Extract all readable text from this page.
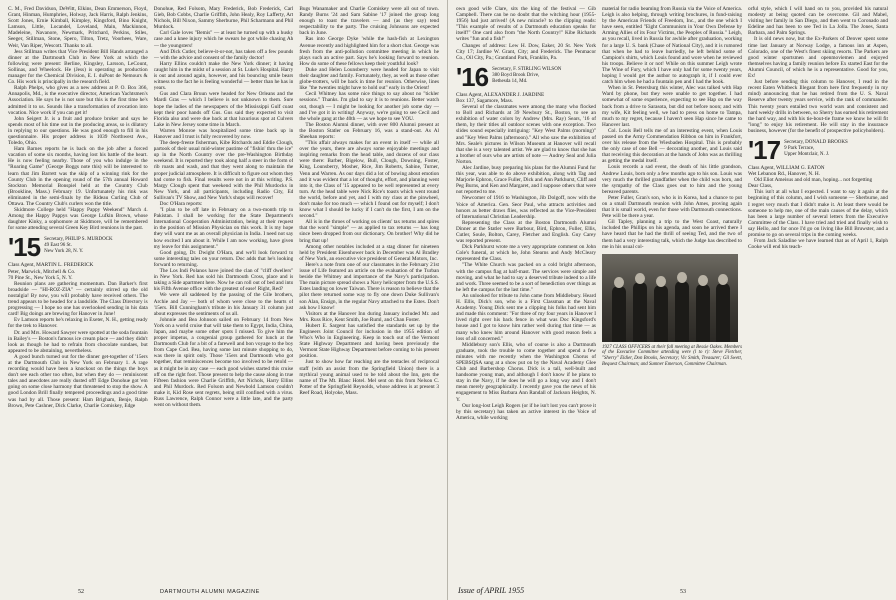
C. M., Fred Davidson, DeWitt, Elkins, Dean Emmerson, Floyd, Grant, Hinman, Humphries, Holway, Jack Harris, Ralph Jenkins, Scott Jones, Ernie Kimball, Kimpley, Kingsford, Bino Knight, Lamson, Little, Locandel, Loveland, Main, Mackinnon, Madeleine, Navanore, Newmark, Pritchard, Perkins, Stiles, Seeger, Stillman, Stone, Spero, Tilton, Tretz, Voorhees, Ware, Weir, Van Riper, Wescott. Thanks to all.

Jess Stillman writes that Vice President Bill Hands arranged a dinner at the Dartmouth Club in New York at which the following were present: Berline, Kingsley, Larsson, LeCount, Sollinas, and Wheelock. He (Jess) is operating as production manager for the Chemical Division, E. I. duPont de Nemours & Co. His work is principally in the research field.

Ralph Phelps, who gives as a new address at P. O. Box 366, Annapolis, Md., is the executive director, American Yachtsmen's Association. He says he is not sure but this is the first time he's admitted it to us. Sounds like a transformation of avocation into vocation. Nice work if you can get it!

John Seigert Jr. is a fruit and produce broker and says he spends most of his time out in the producing areas, so is dilatory in replying to our questions. He was good enough to fill in his questionnaire. His proper address is 1039 Northwest Ave., Toledo, Ohio.

Ham Barnes reports he is back on the job after a forced vacation of some six months, having lost his battle of the heart. He is now feeling nearby. Those of you who indulge in the "Roaring Game" (George Boggs note this) will be interested to learn that Jim Barrett was the skip of a winning rink for the County Club in the opening round of the 57th annual Howard Stockton Memorial Bonspiel held at the Country Club (Brookline, Mass.) February 19. Unfortunately his rink was eliminated in the semi-finals by the Rideau Curling Club of Ottawa. The Country Club's curlers won the title.

Skidmore College held "Happy Pappy Weekend" March 4. Among the Happy Pappys was George Lufkin Brown, whose daughter Kinky, a sophomore at Skidmore, will be remembered for some attending several Green Key Bird reunions in the past.

'15 Secretary, PHILIP S. MURDOCK
49 East 96 St.
New York 28, N. Y.

Class Agent, MARTIN L. FREDERICK

Peter, Marwick, Mitchell & Co.

70 Pine St., New York 5, N. Y.

Reunion plans are gathering momentum. Dan Barker's first broadside — "HI-ROZ-ZIA" — certainly stirred up the old nostalgia! By now, you will probably have received others. The trend appears to be headed for a landslide. The Class Directory is progressing — I hope no one has overlooked sending in his data card! Big doings are brewing for Hanover in June!

Ev Lamson reports he's relaxing in Exeter, N. H., getting ready for the trek to Hanover.

Dr. and Mrs. Howard Sawyer were spotted at the soda fountain in Bailey's — Boston's famous ice cream place — and they didn't look as though he had to refrain from chocolate sundaes, but appeared to be abstaining, nevertheless.

A good bunch turned out for the dinner get-together of '15ers at the Dartmouth Club in New York on February 1. A rage recording would have been a knockout on the things the boys don't see each other too often, but when they do — reminiscent tales and anecdotes are really dusted off! Edge Donohue got 'em going on some close harmony that threatened to stop the show. A good London Brill finally tempered proceedings and a good time was had by all. Those present: Ham Brigham, Benje, Ralph Brown, Pete Cashner, Dick Clarke, Charlie Comiskey, Edge

Donohue, Red Folsom, Mary Frederick, Bob Frederick, Carl Gieb, Bob Cobbs, Charlie Griffith, John Healy, Roy Lafferty, Art Nichols, Bill Nixon, Sammy Sherburne, Phil Scharmann and Phil Murdock.

Carl Gale loves "Bemis" — at least he turned up with a husky case and a knee injury which he swears he got while chasing Ah — the youngsters!

And Dick Cutler, believe-it-or-not, has taken off a few pounds — with the advice and consent of the family doctor!

Harry Ellins couldn't make the New York dinner; it having caught him in the midst of a session at St. Luke's Hospital. Harry is out and around again, however, and his bouncing smile bears witness to the fact he is feeling wonderful — better than he has in years.

Gus and Clara Bruun were headed for New Orleans and the Mardi Gras — which I believe is not unknown to them. Sure hope the ladies of the newspapers of the Mississippi Gulf coast kept their poor hands off Gus. Gus said they expected to visit Florida also and were due back at that luxurious spot at Culvers Lake in New Jersey some time in March.

Warren Monroe was hospitalized some time back up in Hanover and I trust is fully recovered by now.

The deep-freeze fisherman, Kibe Ritchards and Eddie Clough, partook of their usual mid-winter pastime of "fishin' thru the ice" up in the North Country over the pre-Washington Birthday weekend. It is reported they took along half a steer in the form of rib roasts and wash, and that they went along to maintain the proper judicial atmosphere. It is difficult to figure out whom they had come to fish. Final results were not in at this writing. P.S. Margy Clough spent that weekend with the Phil Murdocks in New York, and all participants, including Radio City, Ed Sullivan's TV Show, and New York's shops will recover!

Doc O'Hara reports:

"I plan to be off late in February on a two-month trip to Pakistan. I shall be working for the State Department's International Cooperation Administration, being at their request in the position of Mission Physician on this work. It is my hope they will want me as an overall physician in India. I need not say how excited I am about it. While I am now working, have given my leave for this assignment."

Good going, Dr. Dwight O'Hara, and we'll look forward to some interesting tales on your return. Doc adds that he's looking forward to returning.

The Los Indi Polanos have joined the clan of "cliff dwellers" in New York. Red has sold his Dartmouth Cross, place and is taking a Side apartment here. Now he can roll out of bed and into his Fifth Avenue office with the greatest of ease! Right, Red?

We were all saddened by the passing of the Gile brothers, Archie and Jay — both of whom were close to the hearts of '15ers. Bill Cunningham's tribute in his January 31 column just about expresses the sentiments of us all.

Johnnie and Bea Johnson sailed on February 14 from New York on a world cruise that will take them to Egypt, India, China, Japan, and maybe some other spots I missed. To give him the proper impetus, a congenial group gathered for lunch at the Dartmouth Club for a bit of a farewell and bon voyage to the boy from Cape Cod. Bea, having some last minute shopping to do, was there in spirit only. Those '15ers and Dartmouth who got together, that reminiscences become too involved to be retold — as it might be in any case — each good wishes started this cruise off on the right foot. Those present to help the cause along in true Fifteen fashion were Charlie Griffith, Art Nichols, Harry Ellins and Phil Murdock. Red Folsom and Newbold Lamson couldn't make it, Kid Rose sent regrets, being still confined with a virus. Russ Lawrence, Ralph Connor were a little late, and the party went on without them.

Bugs Wanamaker and Charlie Comiskey were all out of town. Randy Burns '24 and Sam Sabine '17 joined the group long enough to toast the travelers — and (as they say) tend respectability to the party. The cruising Johnsons are expected back in June.

Ras into George Dyke 'while the hash-fish at Lexington Avenue recently and highlighted him for a short chat. George was fresh from the anti-pollution committee meeting in which he plays such an active part. Says he's looking forward to reunion. How do some of these fellows keep their youthful look?

Duke and Helen Lounsberry were headed for Japan to visit their daughter and family. Fortunately, they, as well as those other globe-trotters, will be back in time for reunion. Otherwise, lines like "the twenties might have to hold out" early in the Orient!

Cecil Whitney has some nice things to say about no "tickler sessions." Thanks. I'm glad to say it is to reunions. Better watch out, though — I might be looking for another job some day — and I've got it in writing! Anyway, we're going to see Cecil and the whole gang at the 40th — as we hope to see YOU.

The Boston Alumni dinner, with over 800 Alumni present at the Boston Statler on February 16, was a stand-out. As Al Sheehan reports:

"This affair always makes for an event in itself — while all over the years, there are always some enjoyable meetings and inspiring remarks from the head table, and dozens of our class were there: Barber, Bigelow, Bull, Clough, Downing, Foster, King, Lounsberry, Mosher, Rice, Jim Roberts, Sabine, Turner, Venn and Warren. As our days did a lot of bowing about emotion and it was evident that a lot of thought, effort, and planning went into it, the Class of '15 appeared to be well represented at every turn. At the head table were Nick Rice's toasts which went round the world, before and yet, and I with my class at the pinwheel, don't make for too much — which I found out for myself; I don't know what I should be lucky if I can't do the first, I am on the second."

All is in the throes of working on clients' tax returns and spires that the word "simple" — as applied to tax returns — has long since been dropped from our dictionary. On brother! Why did he bring that up!

Among other notables included at a stag dinner for nineteen held by President Eisenhower back in December was Al Bradley of New York, an executive vice president of General Motors, Inc.

Here's a note from one of our classmates in the February 21st issue of Life featured an article on the evaluation of the Turban beside the Whitney and importance of the Navy's participation. The main picture spread shows a Navy helicopter from the U.S.S. Estes landing on lower Taiwan. There is reason to believe that the pilot there returned some way to fly one down Duke Sullivan's son Alan, Ensign, in the regular Navy attached to the Estes. Don't ask how I know!

Visitors at the Hanover Inn during January included Mr. and Mrs. Russ Rice, Kent Smith, Joe Ruml, and Chan Foster.

Hubert E. Sargent has satisfied the standards set up by the Engineers Joint Council for inclusion in the 1955 edition of Who's Who in Engineering. Keep in touch out of the Vermont State Highway Department and having been previously the Vermont State Highway Department before coming to his present position.

Just to show how far reaching are the tentacles of reciprocal staff (with an assist from the Springfield Union) there is a mythical young animal used to be told about the Inn, gets the name of The Mt. Blanc Hotel. Mel sent on this from Nelson C. Potter of the Springfield Reynolds, whose address is at present 3 Reef Road, Holyoke, Mass.

52	DARTMOUTH ALUMNI MAGAZINE

own good wife Clare, sits the king of the festival — Gib Campbell. There can be no doubt that the witching hour (1955-1956) had just arrived! (A new miracle? to the clipping reads: "This example of results of a Dartmouth education speaks for itself!" One card also from "the North Country!" Kibe Richards writes "fun and a fish!"

Changes of address: Lew H. Dow, Eaker, 20 St. New York City 17; Jardine W. Grant, City; and Frederick. The Penmacor Co., Oil City, Pa.; Grantland Park, Franklin, Pa.

'16 Secretary, F. STIRLING WILSON
380 Boyd Brook Drive,
Bethesda 14, Md.

Class Agent, ALEXANDER J. JARDINE

Box 137, Sagamore, Mass.

Several of the classmates were among the many who flocked to Boll and Richards at 39 Newbury St., Boston, to see an exhibition of water colors by Andrew (Mrs. Ray) Sears, '16 of them, by their titles all outdoor scenes with one exception. Two slides sound especially intriguing: "Key West Palms (morning)" and "Key West Palms (afternoon)." All who saw the exhibition of Mrs. Seale's pictures in Wilson Museum at Hanover will recall that she is a very talented artist. We are glad to know that she has a brother of ours who are artists of note — Audrey Seal and Julia Norton.

Alec Jardine, busy preparing his plans for the Alumni Fund for this year, was able to do above exhibition, along with Tag and Marjorie Ephron, Grace Fuller, Dick and Ann Parkhurst, Cliff and Peg Burns, and Ken and Margaret, and I suppose others that were not reported to me.

Newcomer of 1916 to Washington, Jib Dolgoff, now with the Voice of America. Gen. Seor Paul, who attracts activities and honors as better draws flies, was reflected as the Vice-President of International Christian Leadership.

Representing the Class at the Boston Dartmouth Alumni Dinner at the Statler were Barbour, Bird, Ephron, Fuller, Ellis, Cutler, Soule, Bolton, Carey, Fletcher and English. Guy Carey was reported present.

Dick Parkhurst wrote me a very appropriate comment on John Cole's funeral, at which he, John Stearns and Andy McCleary represented the Class.

"The White Church was packed on a cold bright afternoon, with the campus flag at half-mast. The services were simple and moving, and what he had to say a deserved tribute indeed to a life and work. Three seemed to be a sort of benediction over things as he left the campus for the last time."

An unlooked for tribute to John came from Middlebury. Heard H. Ellis, Dick's son, who is a First Classman at the Naval Academy. Young Dick sent me a clipping his folks had sent him and made this comment: "For three of my four years in Hanover I lived right over his back fence in what was Doc Kingsford's house and I got to know him rather well during that time — as many who knew him around Hanover with good reason feels a loss of all concerned."

Middlebury son's Ellis, who of course is also a Dartmouth graduate, took the trouble to come together and spend a few minutes with me recently when the Washington Chorus of SPEBSQSA sang at a show put on by the Naval Academy Glee Club and Barbershop Chorus. Dick is a tall, well-built and handsome young man, and although I don't know if he plans to stay in the Navy, if he does he will go a long way and I don't mean merely geographically. I recently gave you the news of his engagement to Miss Barbara Ann Randall of Jackson Heights, N. Y.

Our long-lost Leigh Rogers (or if he isn't lost you can't prove it by this secretary) has taken an active interest in the Voice of America, while working

material for radio beaming from Russia via the Voice of America. Leigh is also helping, through writing brochures, in fund-raising by the American Friends of Freedom, Inc., and the one which I have seen, entitled "Eight Communism in Your Own Defense by Arming Allies of its Four Victims, the Peoples of Russia." Leigh, as you recall, lived in Russia for awhile after graduation, working for a large U. S. bank (Chase of National City), and it is rumored that when he had to leave hurriedly, he left behind some of Campion's shirts, which Louis found and wore when he reviewed his troops. Believe it or not! While on this summer Leigh wrote The Wine of Fury, which I have only had for some twenty years, hoping I would get the author to autograph it, if I could ever catch him when he had a fountain pen and I had the book.

When in St. Petersburg this winter, Alec was talked with Hap Ward by phone, but they were unable to get together. I had somewhat of some experience, expecting to see Hap on the way back from a drive to Sarasota, but did not before noon; and with my wife, Kit feeling well, we had to press on home to Tampa, much to my regret, because I haven't seen Hap since he came to Hanover last.

Col. Louis Bell tells me of an interesting event, when Louis passed on the Army Commendation Ribbon on him in Frankfort, over his release from the Wiesbaden Hospital. This is probably the only case of one Bell — decorating another, and Louis said that receiving this decoration at the hands of John was as thrilling as getting the medal itself.

Louis records a sad event, the death of his little grandson, Andrew Louis, born only a few months ago to his son. Louis was very much the thrilled grandfather when the child was born, and the sympathy of the Class goes out to him and the young bereaved parents.

Peter Fuller, Gran's son, who is in Korea, had a chance to put on a small Dartmouth reunion with John Ames, proving again that it is small world, even for those with Dartmouth connections. Pete will be there a year.

Gil Tapley, planning a trip to the West Coast, naturally included the Phillips on his agenda, and soon he arrived there I have heard that he had the thrill of seeing Ted, and the two of them had a very interesting talk, which the Judge has described to me in his usual col-

1927 CLASS OFFICERS at their fall meeting at Bessie Oakes. Members of the Executive Committee attending were (l to r): Steve Fletcher, "Sherry" Eldier, Don Brooks, Secretary; Vic Smith, Treasurer; Gil Swett, Bequest Chairman; and Sumner Emerson, Committee Chairman.

orful style, which I will hand on to you, provided his natural modesty at being quoted can be overcome. Gil and Mabel, visiting her family in San Diego, and then went to Coronado and Edeline and has been to see Ted in La Jolla. The Jones, Santa Barbara, and Palm Springs.

It is old news now, but the Ex-Parkers of Denver spent some time last January at Norway Lodge, a famous inn at Aspen, Colorado, one of the West's finest skiing resorts. The Parkers are good winter sportsmen and openmoviemen and enjoyed themselves having a family reunion before Ex started East for the Alumni Council, of which he is a representative. Good for you, Ex!

Just before sending this column to Hanover, I read in the recent Eaten Whitbeck Illegant from here first frequently in my mind) announcing that he has retired from the U. S. Naval Reserve after twenty years service, with the rank of commander. This twenty years entailed two world wars and consistent and hard weekly drills in between, so Sherry has earned his retirement the hard way, and with his tie-bout-tie frame we know he will fit "long" to enjoy his retirement. He will stay in the insurance business, however (for the benefit of prospective policyholders).

'17 Secretary, DONALD BROOKS
9 Park Terrace,
Upper Montclair, N. J.

Class Agent, WILLIAM G. EATON

Wet Lebanon Rd., Hanover, N. H.

Old Eliot Ameisus and old man, hoping... not forgetting

Dear Class,

This isn't at all what I expected. I want to say it again at the beginning of this column, and I wish someone — Sherburne, and I regret very much that I didn't make it. At least there would be someone to help me, one of the main causes of the delay, which has been a large number of several letters from the Executive Committee of the Class. I have tried and tried and finally wish to say Hello, and for once I'd go on living like Bill Bruwster, and a promise to go on several trips in the coming weeks.

From Jack Saladine we have learned that as of April 1, Ralph Cooke will end his teach-

Issue of APRIL 1955	53
